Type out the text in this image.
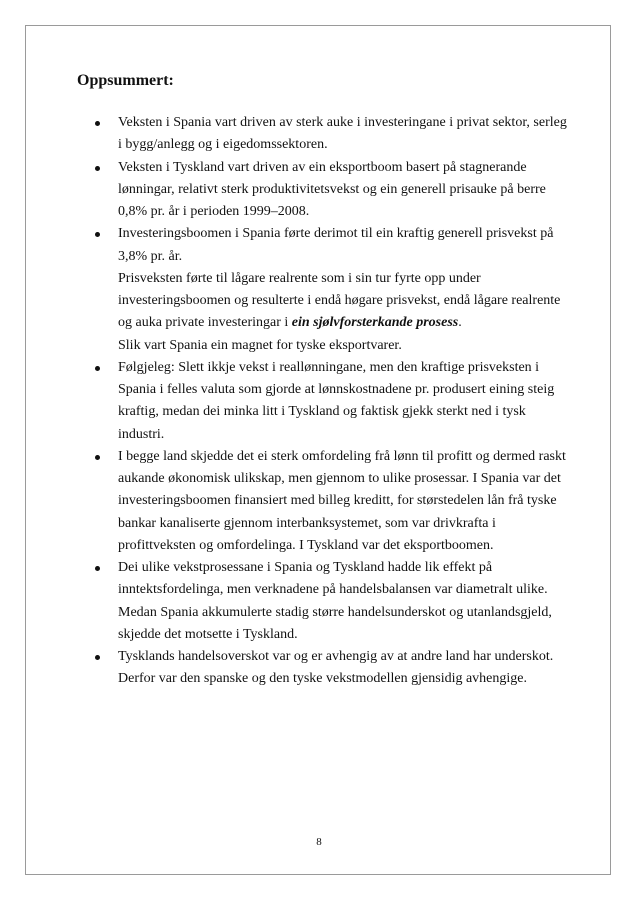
Oppsummert:
Veksten i Spania vart driven av sterk auke i investeringane i privat sektor, serleg i bygg/anlegg og i eigedomssektoren.
Veksten i Tyskland vart driven av ein eksportboom basert på stagnerande lønningar, relativt sterk produktivitetsvekst og ein generell prisauke på berre 0,8% pr. år i perioden 1999–2008.
Investeringsboomen i Spania førte derimot til ein kraftig generell prisvekst på 3,8% pr. år.
Prisveksten førte til lågare realrente som i sin tur fyrte opp under investeringsboomen og resulterte i endå høgare prisvekst, endå lågare realrente og auka private investeringar i ein sjølvforsterkande prosess.
Slik vart Spania ein magnet for tyske eksportvarer.
Følgjeleg: Slett ikkje vekst i reallønningane, men den kraftige prisveksten i Spania i felles valuta som gjorde at lønnskostnadene pr. produsert eining steig kraftig, medan dei minka litt i Tyskland og faktisk gjekk sterkt ned i tysk industri.
I begge land skjedde det ei sterk omfordeling frå lønn til profitt og dermed raskt aukande økonomisk ulikskap, men gjennom to ulike prosessar. I Spania var det investeringsboomen finansiert med billeg kreditt, for størstedelen lån frå tyske bankar kanaliserte gjennom interbanksystemet, som var drivkrafta i profittveksten og omfordelinga. I Tyskland var det eksportboomen.
Dei ulike vekstprosessane i Spania og Tyskland hadde lik effekt på inntektsfordelinga, men verknadene på handelsbalansen var diametralt ulike. Medan Spania akkumulerte stadig større handelsunderskot og utanlandsgjeld, skjedde det motsette i Tyskland.
Tysklands handelsoverskot var og er avhengig av at andre land har underskot. Derfor var den spanske og den tyske vekstmodellen gjensidig avhengige.
8
